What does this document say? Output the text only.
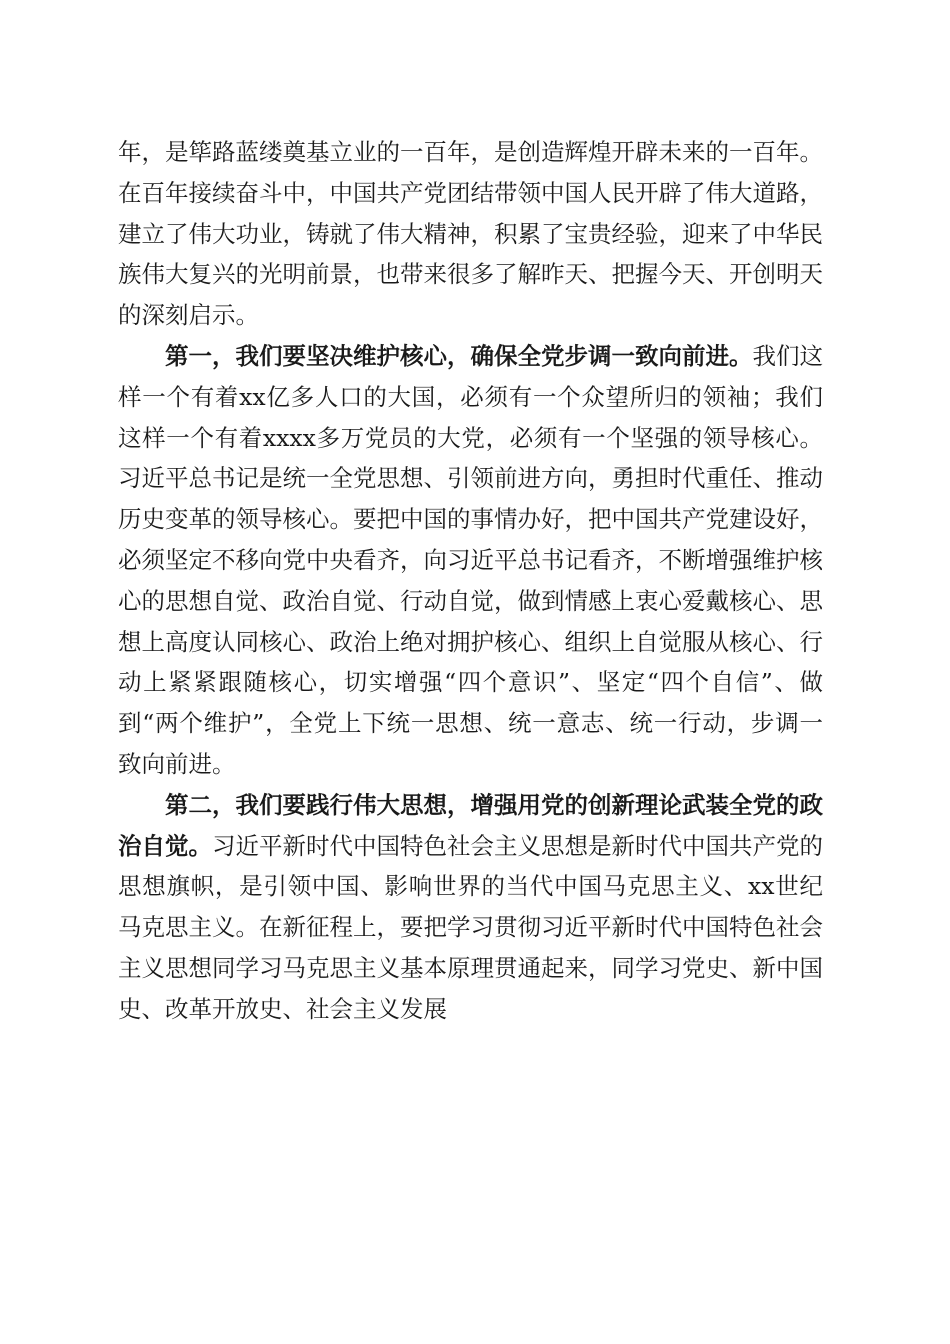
年，是筚路蓝缕奠基立业的一百年，是创造辉煌开辟未来的一百年。在百年接续奋斗中，中国共产党团结带领中国人民开辟了伟大道路，建立了伟大功业，铸就了伟大精神，积累了宝贵经验，迎来了中华民族伟大复兴的光明前景，也带来很多了解昨天、把握今天、开创明天的深刻启示。

第一，我们要坚决维护核心，确保全党步调一致向前进。我们这样一个有着xx亿多人口的大国，必须有一个众望所归的领袖；我们这样一个有着xxxx多万党员的大党，必须有一个坚强的领导核心。习近平总书记是统一全党思想、引领前进方向，勇担时代重任、推动历史变革的领导核心。要把中国的事情办好，把中国共产党建设好，必须坚定不移向党中央看齐，向习近平总书记看齐，不断增强维护核心的思想自觉、政治自觉、行动自觉，做到情感上衷心爱戴核心、思想上高度认同核心、政治上绝对拥护核心、组织上自觉服从核心、行动上紧紧跟随核心，切实增强“四个意识”、坚定“四个自信”、做到“两个维护”，全党上下统一思想、统一意志、统一行动，步调一致向前进。

第二，我们要践行伟大思想，增强用党的创新理论武装全党的政治自觉。习近平新时代中国特色社会主义思想是新时代中国共产党的思想旗帜，是引领中国、影响世界的当代中国马克思主义、xx世纪马克思主义。在新征程上，要把学习贯彻习近平新时代中国特色社会主义思想同学习马克思主义基本原理贯通起来，同学习党史、新中国史、改革开放史、社会主义发展
